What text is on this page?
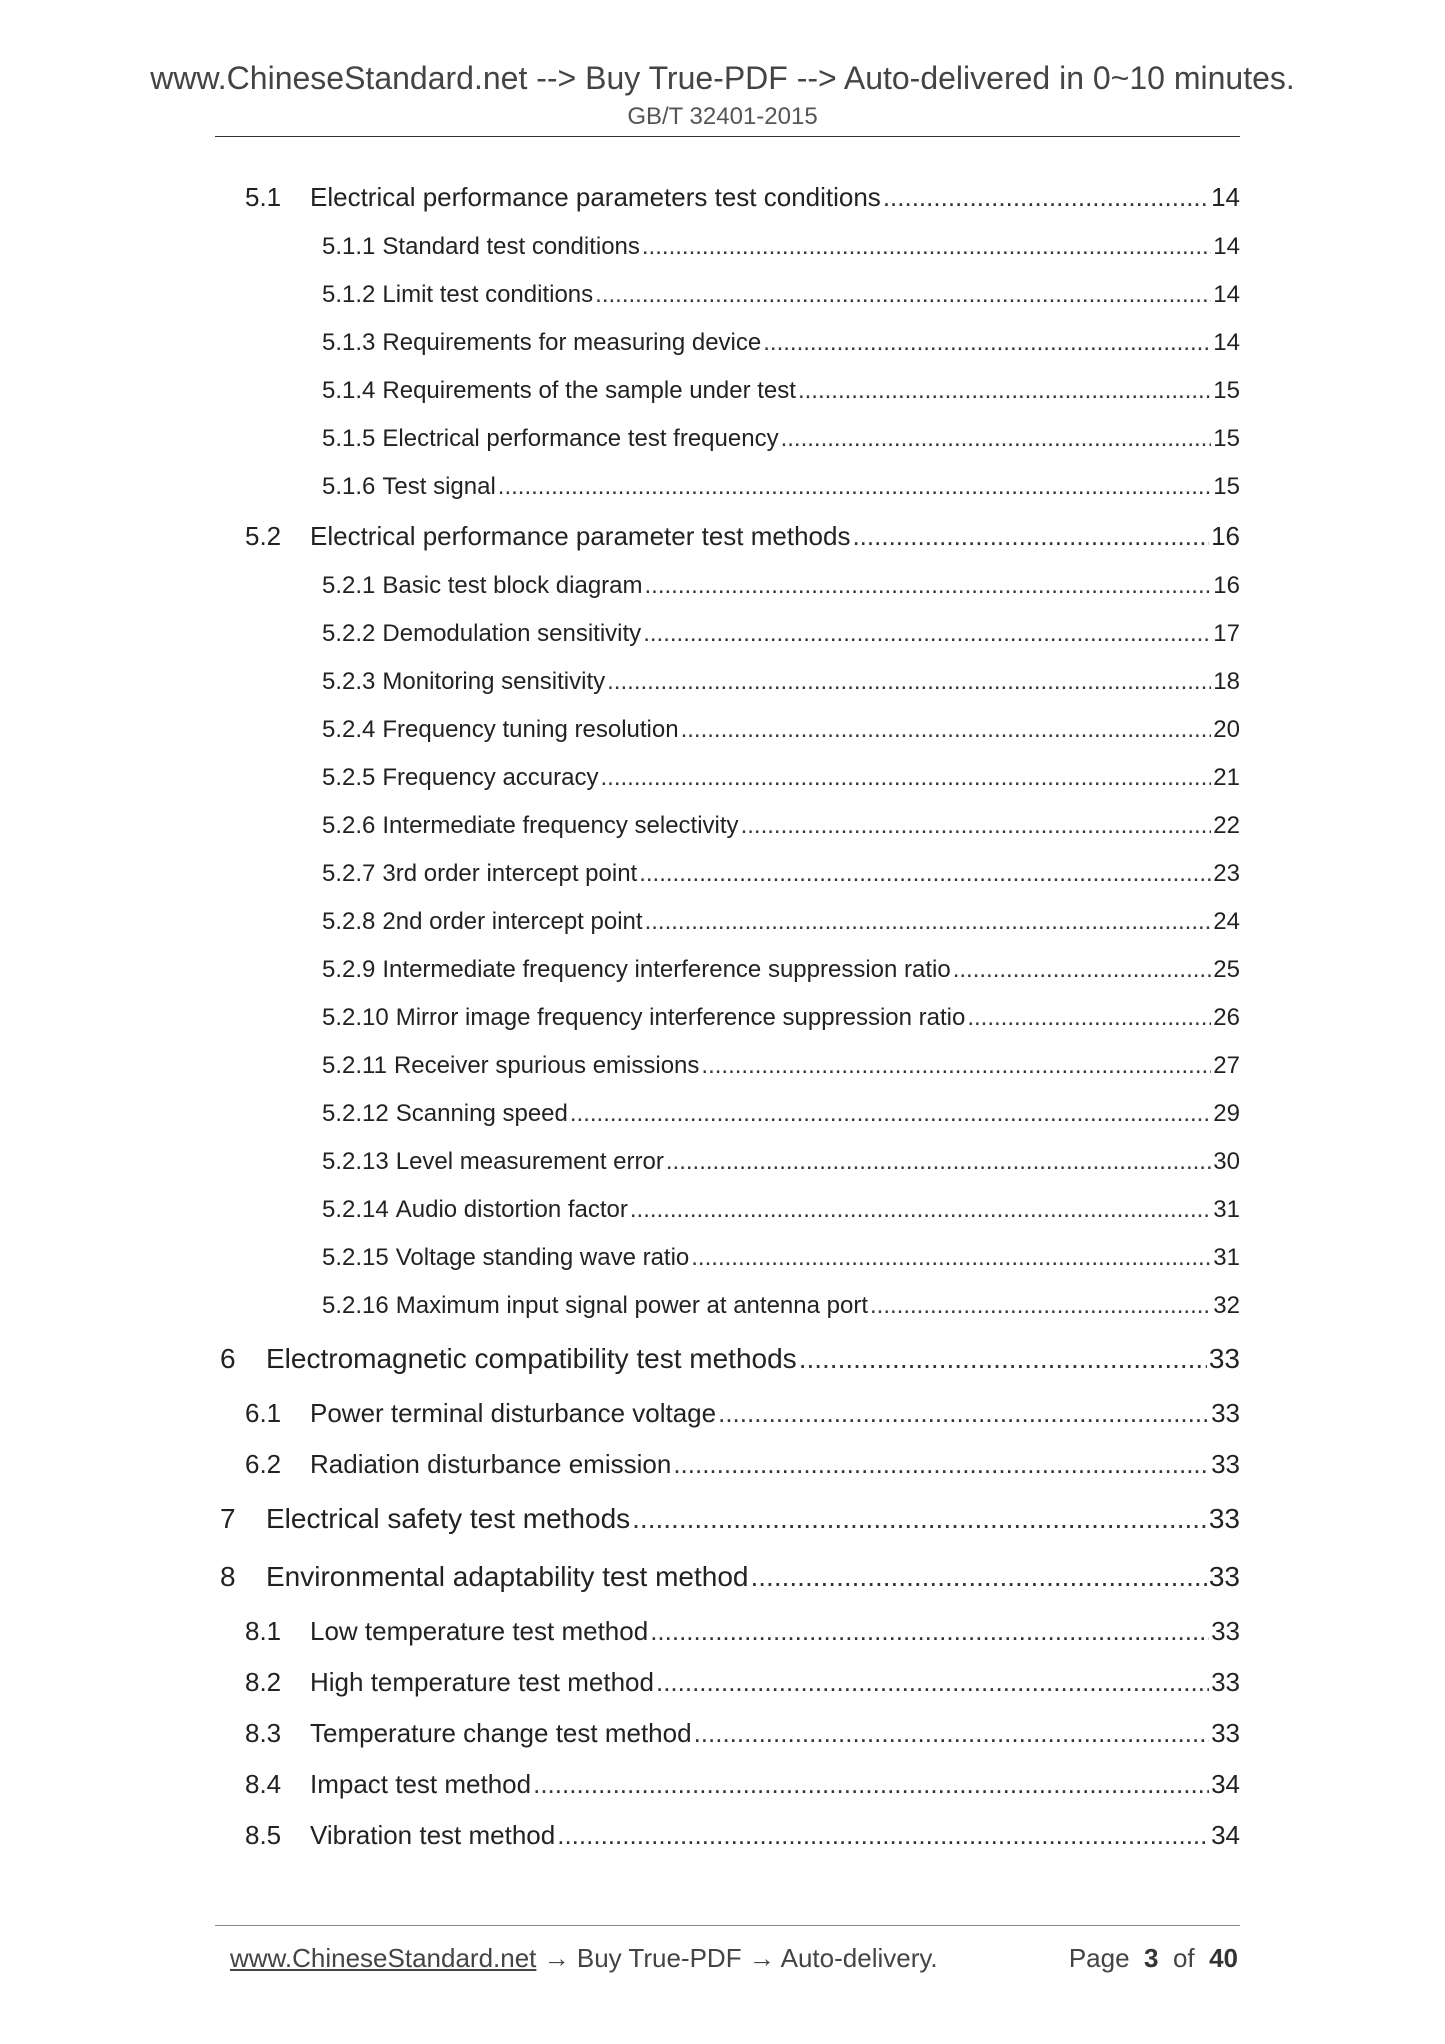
www.ChineseStandard.net --> Buy True-PDF --> Auto-delivered in 0~10 minutes.
GB/T 32401-2015
5.1	Electrical performance parameters test conditions .....	14
5.1.1 Standard test conditions .....	14
5.1.2 Limit test conditions .....	14
5.1.3 Requirements for measuring device .....	14
5.1.4 Requirements of the sample under test .....	15
5.1.5 Electrical performance test frequency .....	15
5.1.6 Test signal .....	15
5.2	Electrical performance parameter test methods .....	16
5.2.1 Basic test block diagram .....	16
5.2.2 Demodulation sensitivity .....	17
5.2.3 Monitoring sensitivity .....	18
5.2.4 Frequency tuning resolution .....	20
5.2.5 Frequency accuracy .....	21
5.2.6 Intermediate frequency selectivity .....	22
5.2.7 3rd order intercept point .....	23
5.2.8 2nd order intercept point .....	24
5.2.9 Intermediate frequency interference suppression ratio .....	25
5.2.10 Mirror image frequency interference suppression ratio .....	26
5.2.11 Receiver spurious emissions .....	27
5.2.12 Scanning speed .....	29
5.2.13 Level measurement error .....	30
5.2.14 Audio distortion factor .....	31
5.2.15 Voltage standing wave ratio .....	31
5.2.16 Maximum input signal power at antenna port .....	32
6	Electromagnetic compatibility test methods .....	33
6.1	Power terminal disturbance voltage .....	33
6.2	Radiation disturbance emission .....	33
7	Electrical safety test methods .....	33
8	Environmental adaptability test method .....	33
8.1	Low temperature test method .....	33
8.2	High temperature test method .....	33
8.3	Temperature change test method .....	33
8.4	Impact test method .....	34
8.5	Vibration test method .....	34
www.ChineseStandard.net → Buy True-PDF → Auto-delivery.	Page 3 of 40
